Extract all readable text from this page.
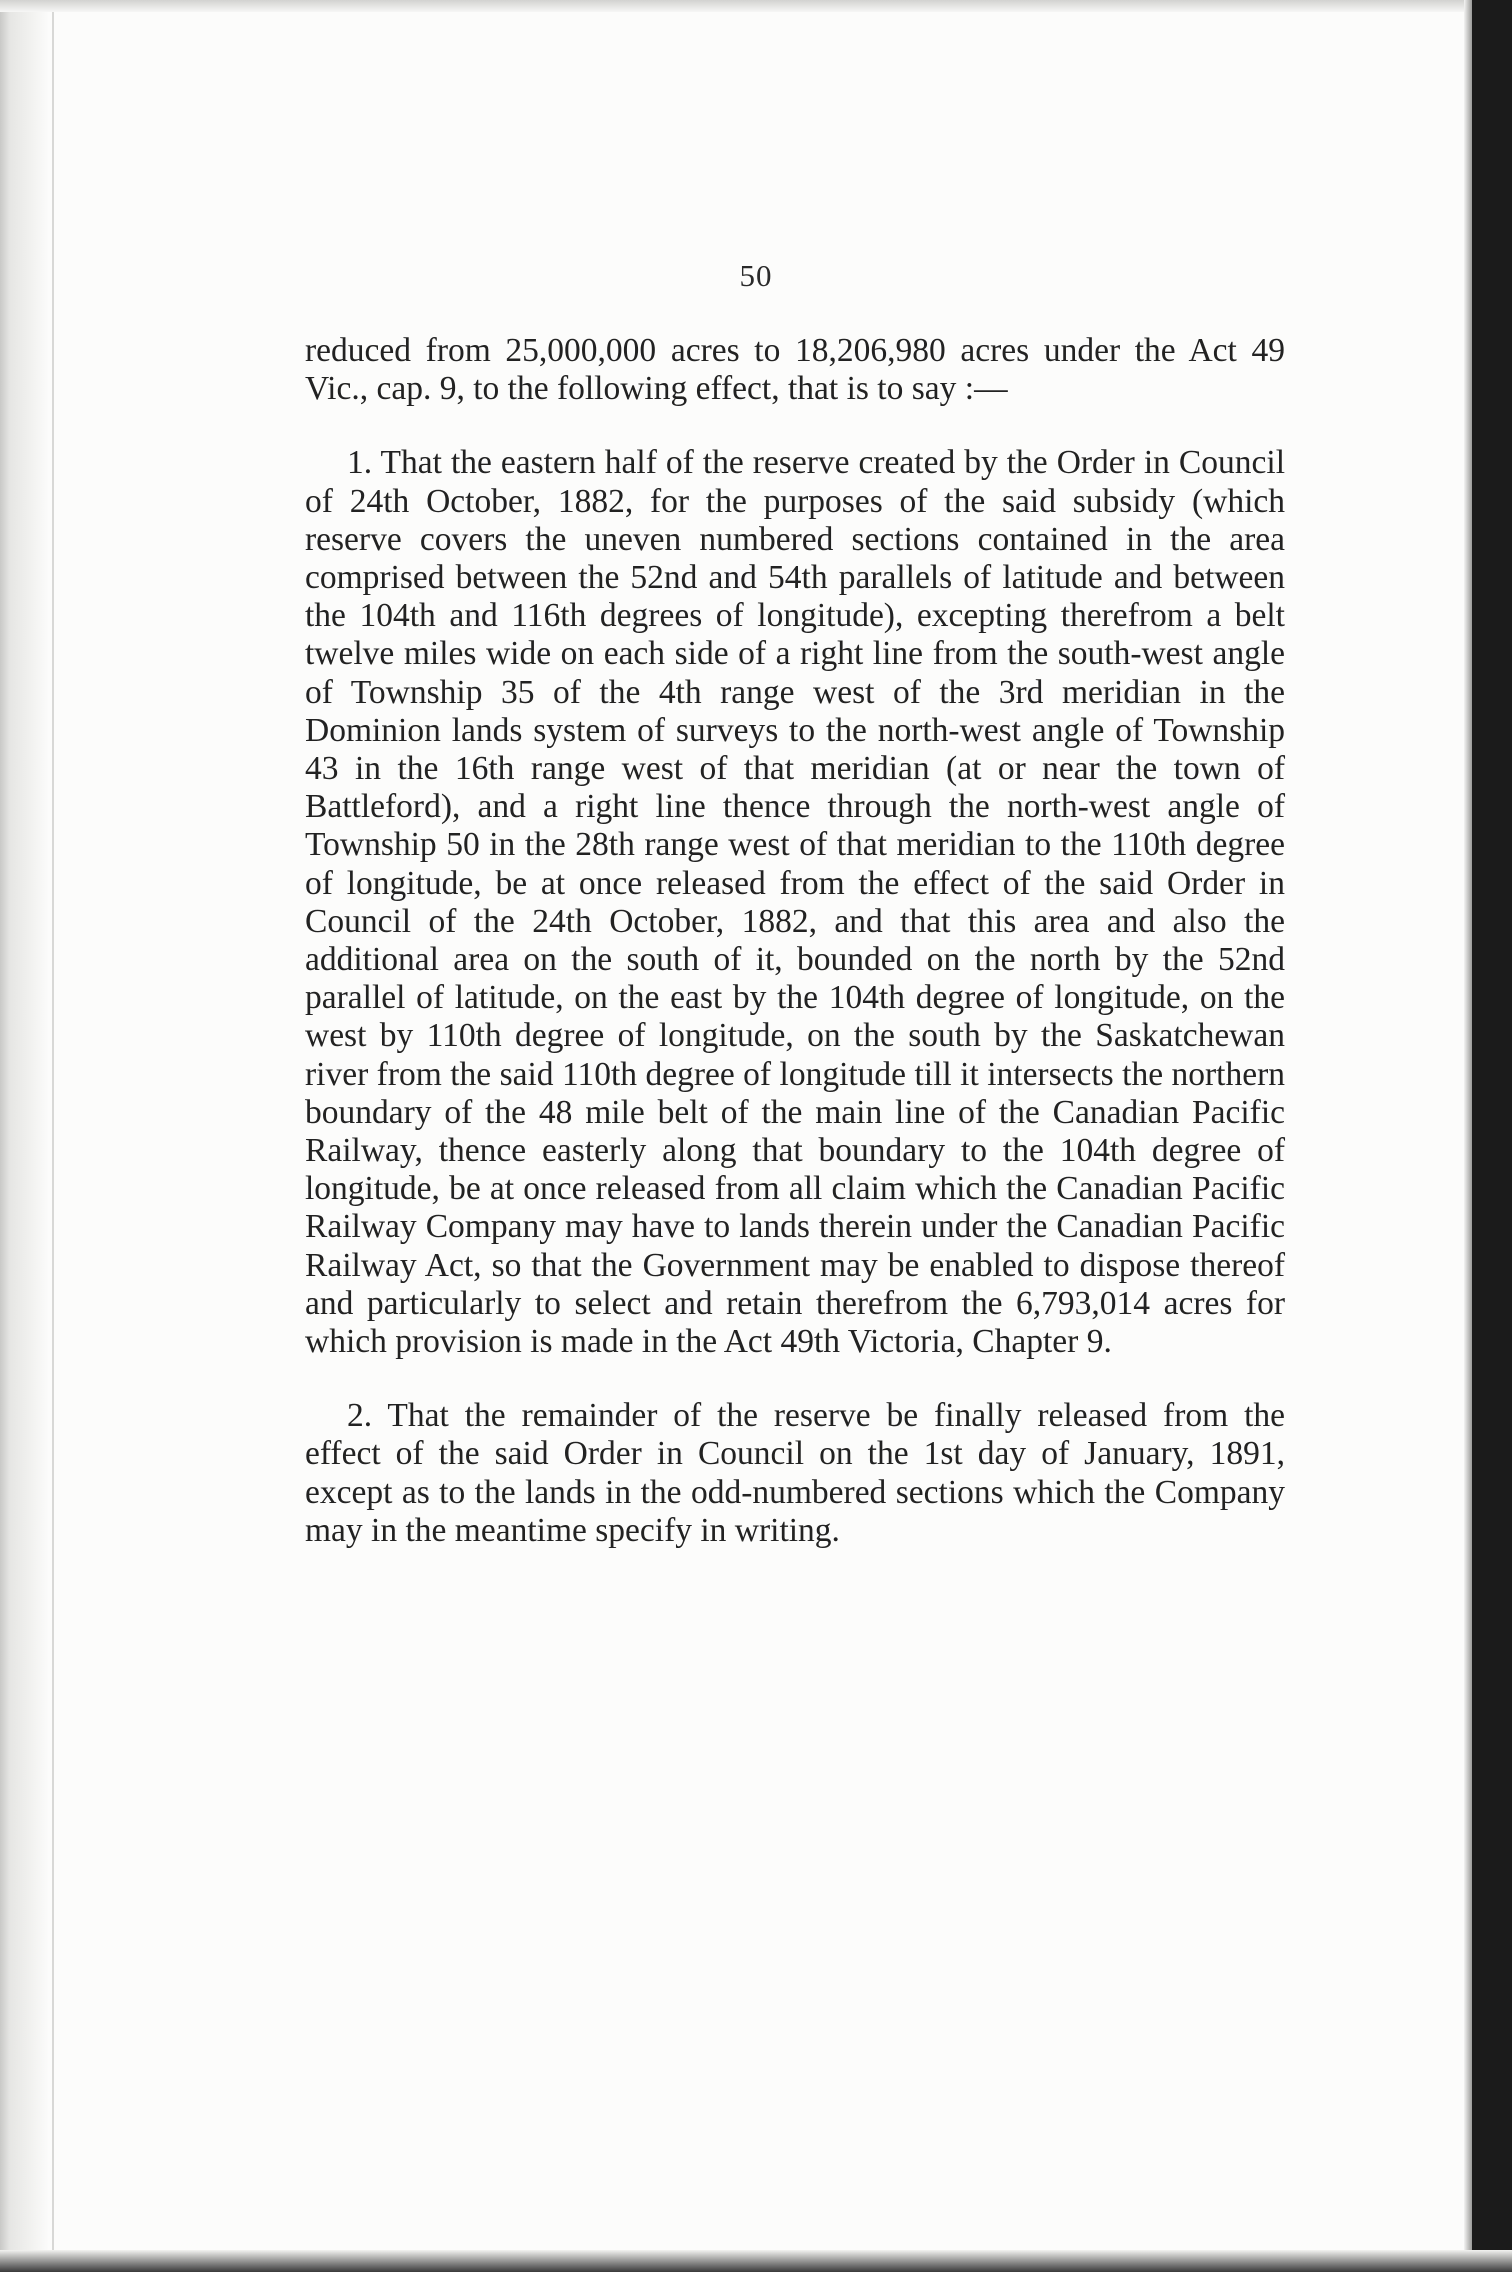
50

reduced from 25,000,000 acres to 18,206,980 acres under the Act 49 Vic., cap. 9, to the following effect, that is to say :—

1. That the eastern half of the reserve created by the Order in Council of 24th October, 1882, for the purposes of the said subsidy (which reserve covers the uneven numbered sections contained in the area comprised between the 52nd and 54th parallels of latitude and between the 104th and 116th degrees of longitude), excepting therefrom a belt twelve miles wide on each side of a right line from the south-west angle of Township 35 of the 4th range west of the 3rd meridian in the Dominion lands system of surveys to the north-west angle of Township 43 in the 16th range west of that meridian (at or near the town of Battleford), and a right line thence through the north-west angle of Township 50 in the 28th range west of that meridian to the 110th degree of longitude, be at once released from the effect of the said Order in Council of the 24th October, 1882, and that this area and also the additional area on the south of it, bounded on the north by the 52nd parallel of latitude, on the east by the 104th degree of longitude, on the west by 110th degree of longitude, on the south by the Saskatchewan river from the said 110th degree of longitude till it intersects the northern boundary of the 48 mile belt of the main line of the Canadian Pacific Railway, thence easterly along that boundary to the 104th degree of longitude, be at once released from all claim which the Canadian Pacific Railway Company may have to lands therein under the Canadian Pacific Railway Act, so that the Government may be enabled to dispose thereof and particularly to select and retain therefrom the 6,793,014 acres for which provision is made in the Act 49th Victoria, Chapter 9.

2. That the remainder of the reserve be finally released from the effect of the said Order in Council on the 1st day of January, 1891, except as to the lands in the odd-numbered sections which the Company may in the meantime specify in writing.
